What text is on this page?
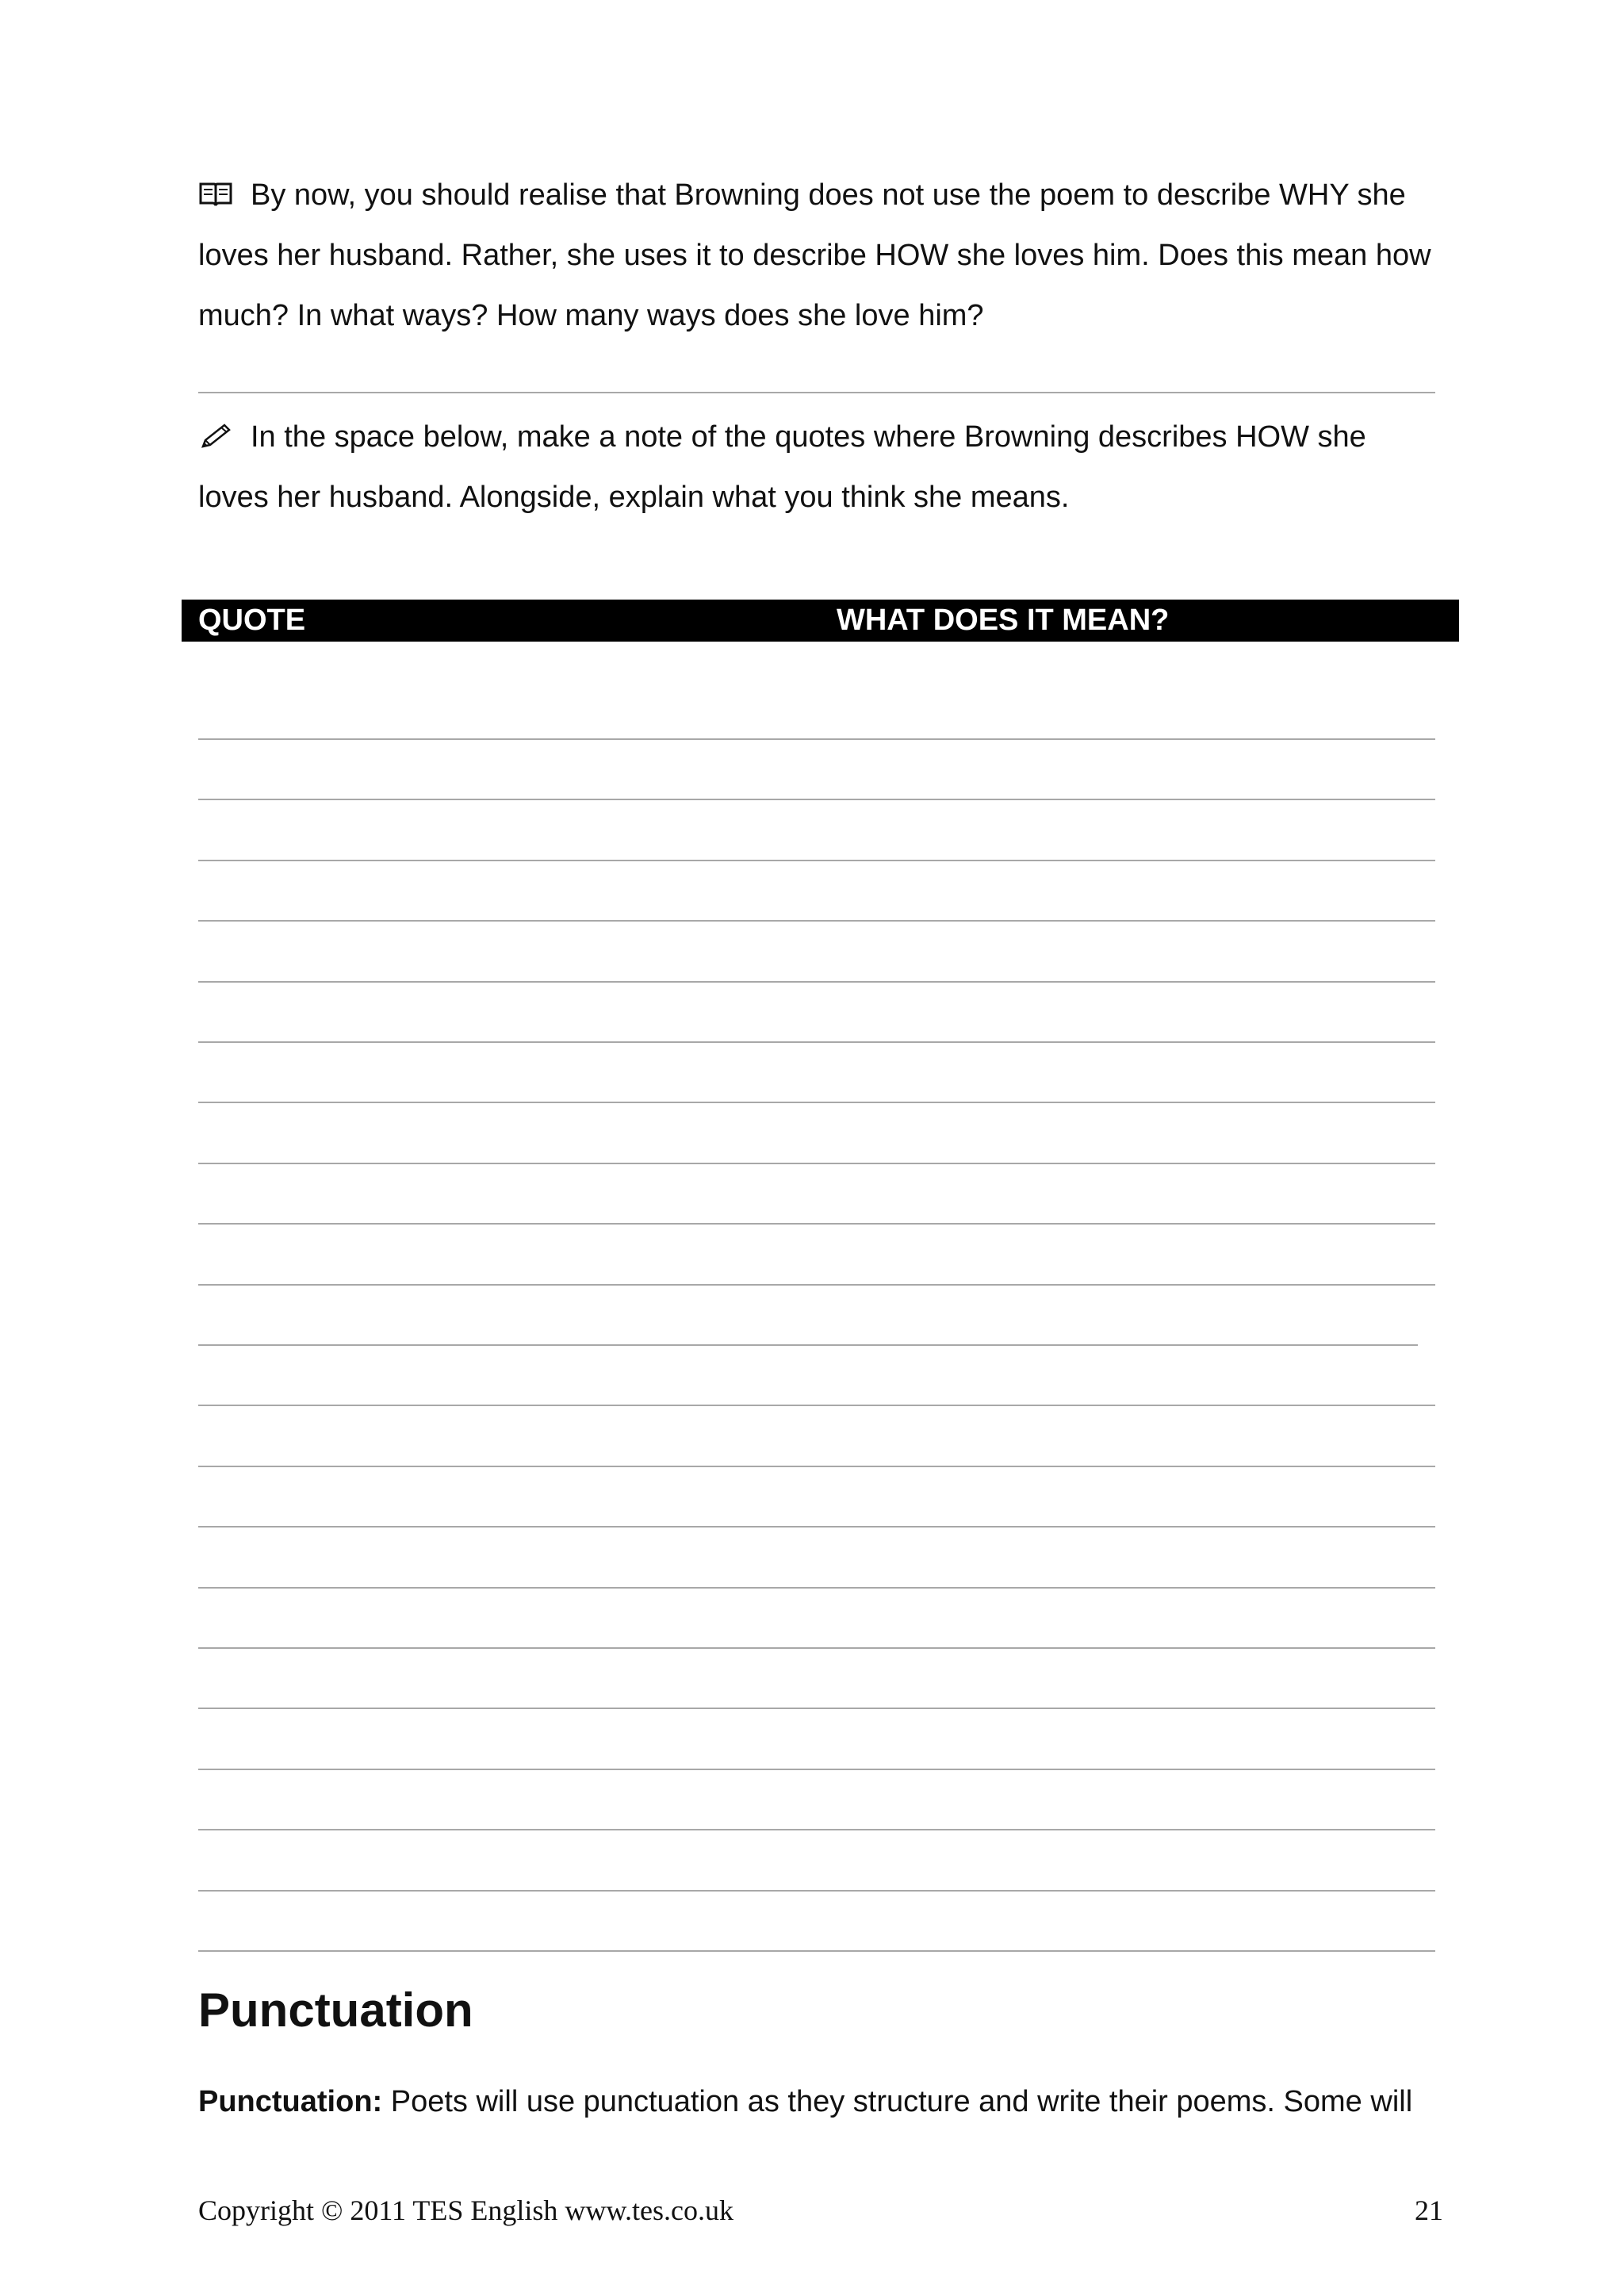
By now, you should realise that Browning does not use the poem to describe WHY she loves her husband. Rather, she uses it to describe HOW she loves him. Does this mean how much? In what ways? How many ways does she love him?

In the space below, make a note of the quotes where Browning describes HOW she loves her husband. Alongside, explain what you think she means.

QUOTE	WHAT DOES IT MEAN?
Punctuation

Punctuation: Poets will use punctuation as they structure and write their poems. Some will

Copyright © 2011 TES English www.tes.co.uk	21
